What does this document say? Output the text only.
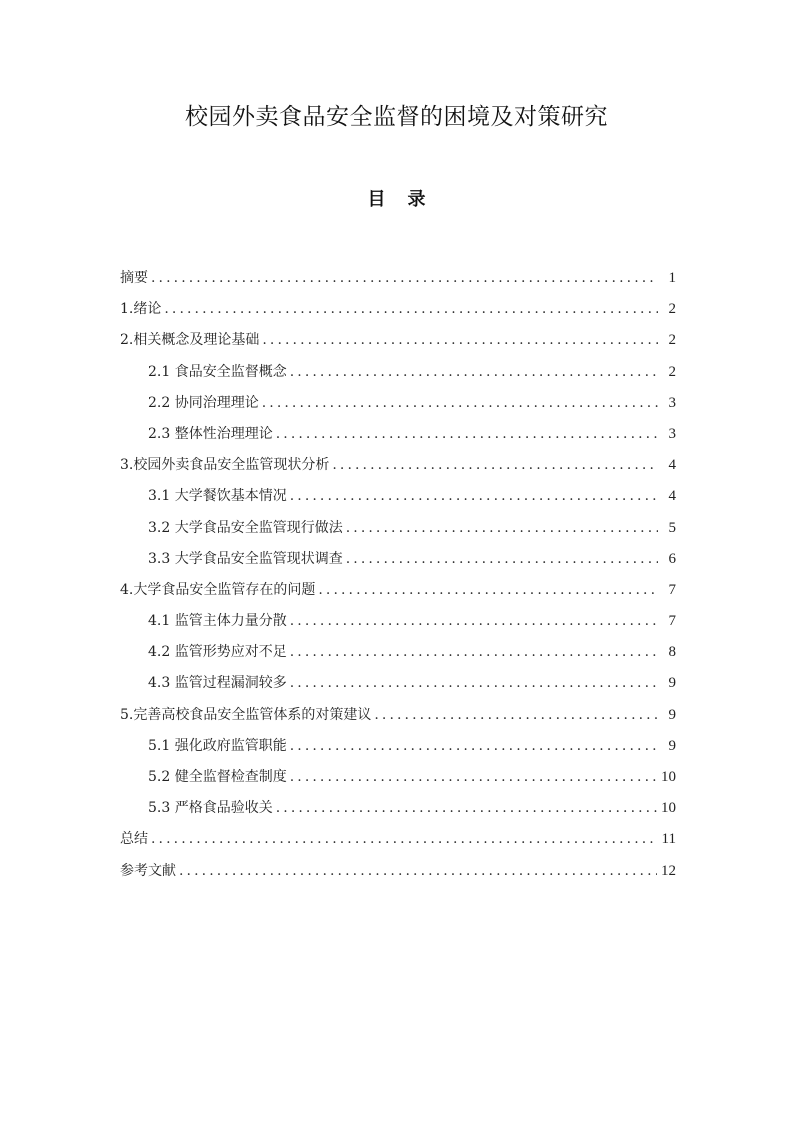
校园外卖食品安全监督的困境及对策研究
目 录
摘要 .....	1
1.绪论 .....	2
2.相关概念及理论基础 .....	2
2.1 食品安全监督概念 .....	2
2.2 协同治理理论 .....	3
2.3 整体性治理理论 .....	3
3.校园外卖食品安全监管现状分析 .....	4
3.1 大学餐饮基本情况 .....	4
3.2 大学食品安全监管现行做法 .....	5
3.3 大学食品安全监管现状调查 .....	6
4.大学食品安全监管存在的问题 .....	7
4.1 监管主体力量分散 .....	7
4.2 监管形势应对不足 .....	8
4.3 监管过程漏洞较多 .....	9
5.完善高校食品安全监管体系的对策建议 .....	9
5.1 强化政府监管职能 .....	9
5.2 健全监督检查制度 .....	10
5.3 严格食品验收关 .....	10
总结 .....	11
参考文献 .....	12
